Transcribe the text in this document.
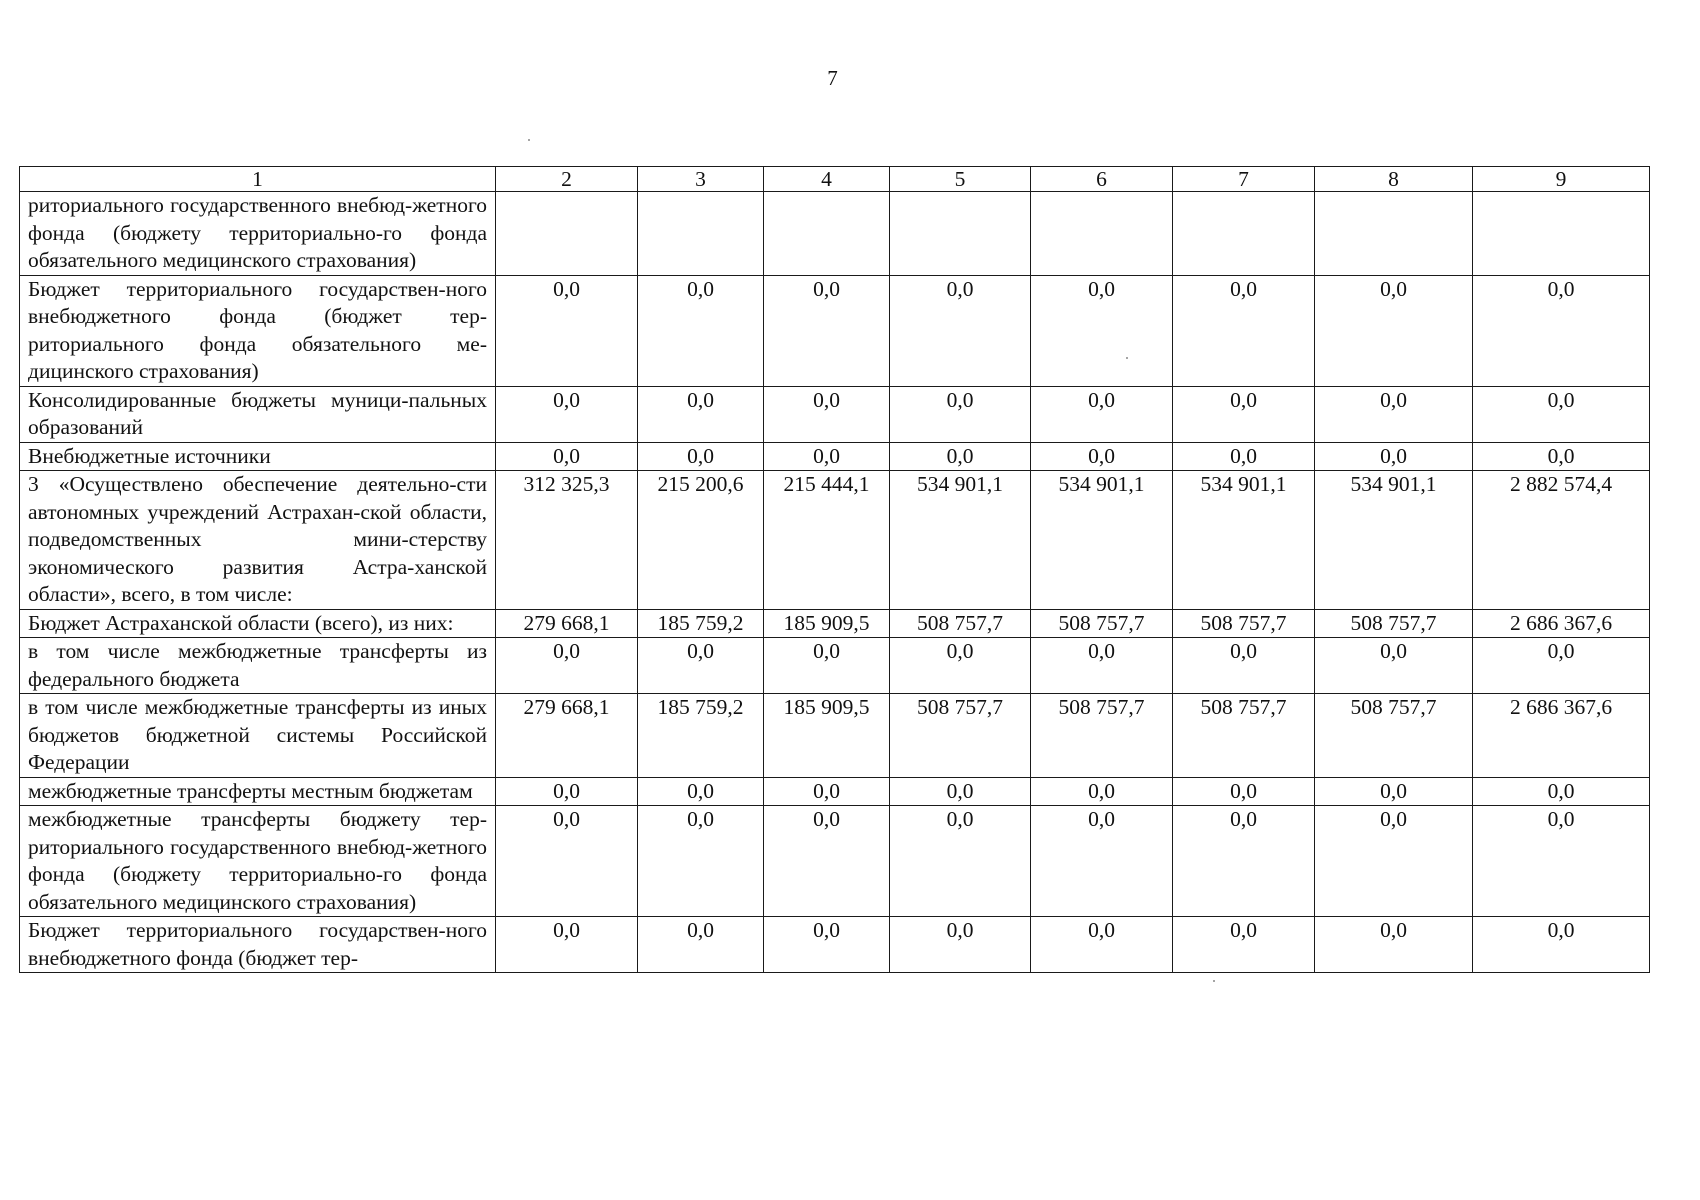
7
1	2	3	4	5	6	7	8	9
риториального государственного внебюд-жетного фонда (бюджету территориально-го фонда обязательного медицинского страхования)								
Бюджет территориального государствен-ного внебюджетного фонда (бюджет тер-риториального фонда обязательного ме-дицинского страхования)	0,0	0,0	0,0	0,0	0,0	0,0	0,0	0,0
Консолидированные бюджеты муници-пальных образований	0,0	0,0	0,0	0,0	0,0	0,0	0,0	0,0
Внебюджетные источники	0,0	0,0	0,0	0,0	0,0	0,0	0,0	0,0
3 «Осуществлено обеспечение деятельно-сти автономных учреждений Астрахан-ской области, подведомственных мини-стерству экономического развития Астра-ханской области», всего, в том числе:	312 325,3	215 200,6	215 444,1	534 901,1	534 901,1	534 901,1	534 901,1	2 882 574,4
Бюджет Астраханской области (всего), из них:	279 668,1	185 759,2	185 909,5	508 757,7	508 757,7	508 757,7	508 757,7	2 686 367,6
в том числе межбюджетные трансферты из федерального бюджета	0,0	0,0	0,0	0,0	0,0	0,0	0,0	0,0
в том числе межбюджетные трансферты из иных бюджетов бюджетной системы Российской Федерации	279 668,1	185 759,2	185 909,5	508 757,7	508 757,7	508 757,7	508 757,7	2 686 367,6
межбюджетные трансферты местным бюджетам	0,0	0,0	0,0	0,0	0,0	0,0	0,0	0,0
межбюджетные трансферты бюджету тер-риториального государственного внебюд-жетного фонда (бюджету территориально-го фонда обязательного медицинского страхования)	0,0	0,0	0,0	0,0	0,0	0,0	0,0	0,0
Бюджет территориального государствен-ного внебюджетного фонда (бюджет тер-	0,0	0,0	0,0	0,0	0,0	0,0	0,0	0,0
